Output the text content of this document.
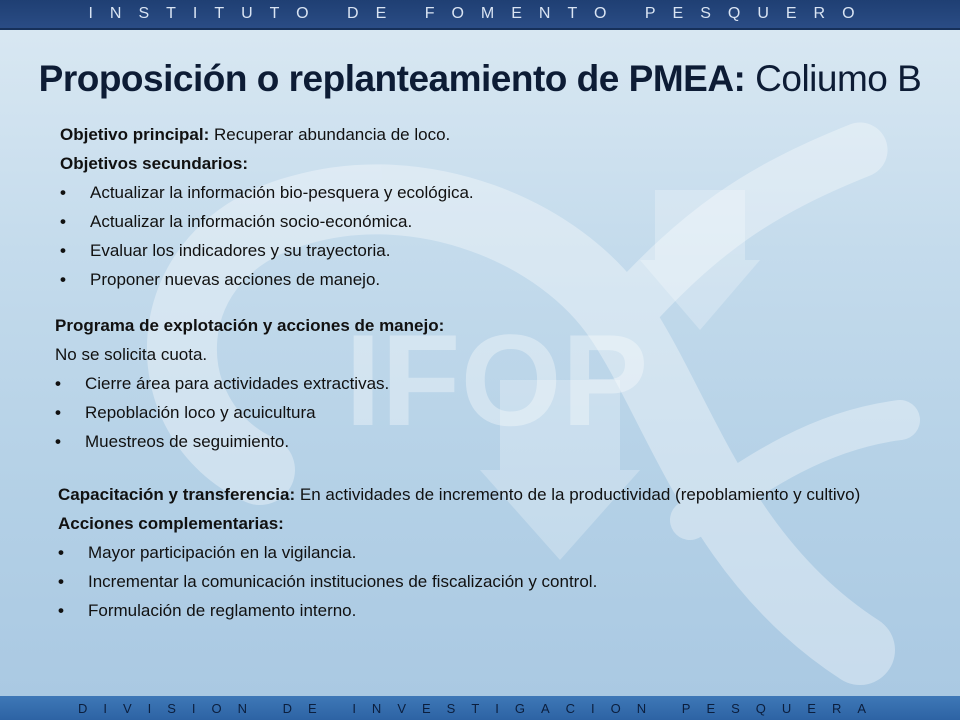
IFOP
INSTITUTO DE FOMENTO PESQUERO
Proposición o replanteamiento de PMEA: Coliumo B

Objetivo principal: Recuperar abundancia de loco.

Objetivos secundarios:

• Actualizar la información bio-pesquera y ecológica.
• Actualizar la información socio-económica.
• Evaluar los indicadores y su trayectoria.
• Proponer nuevas acciones de manejo.

Programa de explotación y acciones de manejo:

No se solicita cuota.

• Cierre área para actividades extractivas.
• Repoblación loco y acuicultura
• Muestreos de seguimiento.

Capacitación y transferencia: En actividades de incremento de la productividad (repoblamiento y cultivo)

Acciones complementarias:

• Mayor participación en la vigilancia.
• Incrementar la comunicación instituciones de fiscalización y control.
• Formulación de reglamento interno.
DIVISION DE INVESTIGACION PESQUERA
